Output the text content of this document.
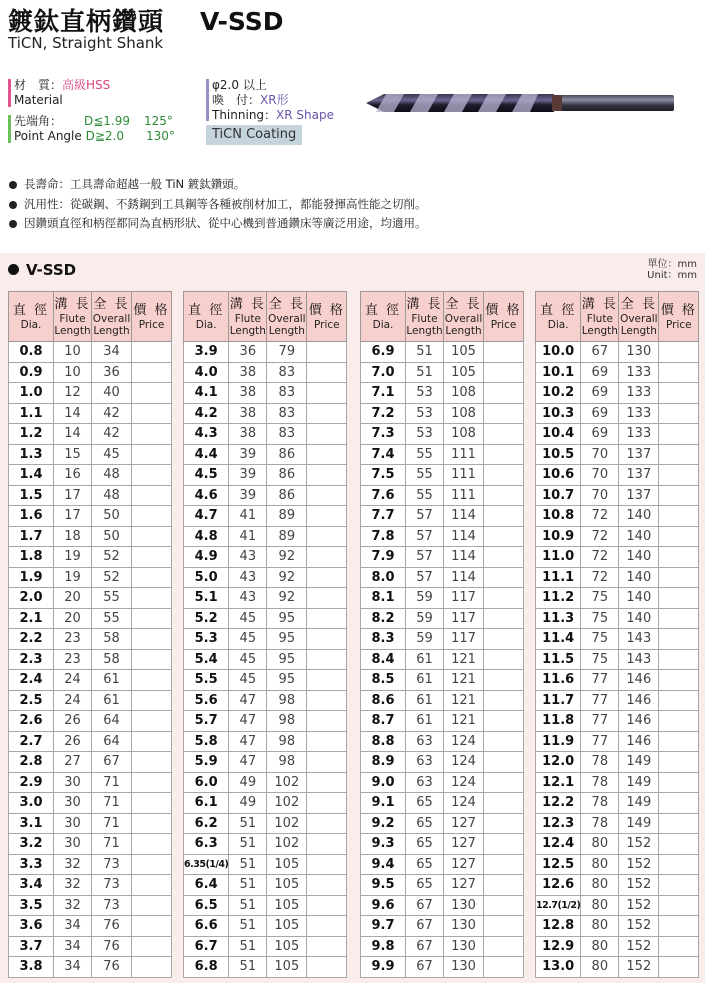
鍍鈦直柄鑽頭 V-SSD
TiCN, Straight Shank
材　質：高級HSS
Material
先端角： D≦1.99 125°
Point Angle D≧2.0 130°
φ2.0 以上
喚　付：XR形
Thinning：XR Shape
TiCN Coating
長壽命：工具壽命超越一般 TiN 鍍鈦鑽頭。
汎用性：從碳鋼、不銹鋼到工具鋼等各種被削材加工，都能發揮高性能之切削。
因鑽頭直徑和柄徑都同為直柄形狀、從中心機到普通鑽床等廣泛用途，均適用。
V-SSD	單位：mm
Unit：mm
直 徑
Dia.	溝 長
Flute
Length	全 長
Overall
Length	價 格
Price

0.8	10	34	
0.9	10	36	
1.0	12	40	
1.1	14	42	
1.2	14	42	
1.3	15	45	
1.4	16	48	
1.5	17	48	
1.6	17	50	
1.7	18	50	
1.8	19	52	
1.9	19	52	
2.0	20	55	
2.1	20	55	
2.2	23	58	
2.3	23	58	
2.4	24	61	
2.5	24	61	
2.6	26	64	
2.7	26	64	
2.8	27	67	
2.9	30	71	
3.0	30	71	
3.1	30	71	
3.2	30	71	
3.3	32	73	
3.4	32	73	
3.5	32	73	
3.6	34	76	
3.7	34	76	
3.8	34	76	
直 徑
Dia.	溝 長
Flute
Length	全 長
Overall
Length	價 格
Price

3.9	36	79	
4.0	38	83	
4.1	38	83	
4.2	38	83	
4.3	38	83	
4.4	39	86	
4.5	39	86	
4.6	39	86	
4.7	41	89	
4.8	41	89	
4.9	43	92	
5.0	43	92	
5.1	43	92	
5.2	45	95	
5.3	45	95	
5.4	45	95	
5.5	45	95	
5.6	47	98	
5.7	47	98	
5.8	47	98	
5.9	47	98	
6.0	49	102	
6.1	49	102	
6.2	51	102	
6.3	51	102	
6.35(1/4)	51	105	
6.4	51	105	
6.5	51	105	
6.6	51	105	
6.7	51	105	
6.8	51	105	
直 徑
Dia.	溝 長
Flute
Length	全 長
Overall
Length	價 格
Price

6.9	51	105	
7.0	51	105	
7.1	53	108	
7.2	53	108	
7.3	53	108	
7.4	55	111	
7.5	55	111	
7.6	55	111	
7.7	57	114	
7.8	57	114	
7.9	57	114	
8.0	57	114	
8.1	59	117	
8.2	59	117	
8.3	59	117	
8.4	61	121	
8.5	61	121	
8.6	61	121	
8.7	61	121	
8.8	63	124	
8.9	63	124	
9.0	63	124	
9.1	65	124	
9.2	65	127	
9.3	65	127	
9.4	65	127	
9.5	65	127	
9.6	67	130	
9.7	67	130	
9.8	67	130	
9.9	67	130	
直 徑
Dia.	溝 長
Flute
Length	全 長
Overall
Length	價 格
Price

10.0	67	130	
10.1	69	133	
10.2	69	133	
10.3	69	133	
10.4	69	133	
10.5	70	137	
10.6	70	137	
10.7	70	137	
10.8	72	140	
10.9	72	140	
11.0	72	140	
11.1	72	140	
11.2	75	140	
11.3	75	140	
11.4	75	143	
11.5	75	143	
11.6	77	146	
11.7	77	146	
11.8	77	146	
11.9	77	146	
12.0	78	149	
12.1	78	149	
12.2	78	149	
12.3	78	149	
12.4	80	152	
12.5	80	152	
12.6	80	152	
12.7(1/2)	80	152	
12.8	80	152	
12.9	80	152	
13.0	80	152	
